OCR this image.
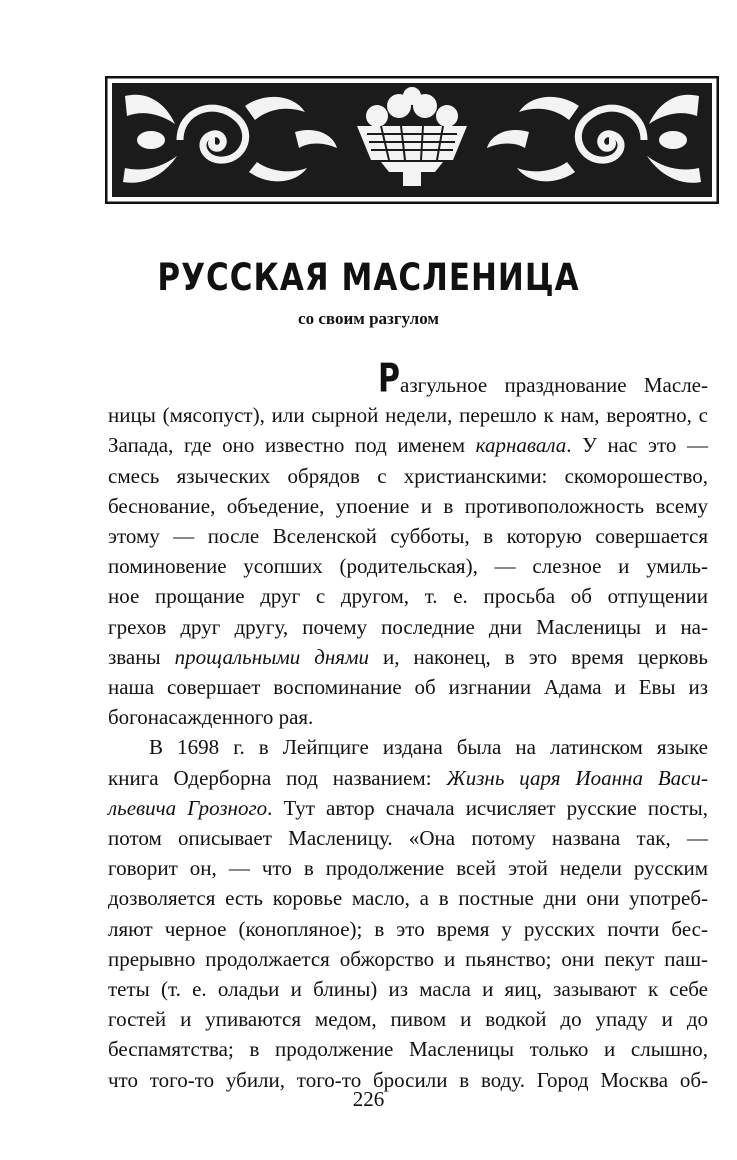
РУССКАЯ МАСЛЕНИЦА
со своим разгулом
Разгульное празднование Масле-
ницы (мясопуст), или сырной недели, перешло к нам, вероятно, с
Запада, где оно известно под именем карнавала. У нас это —
смесь языческих обрядов с христианскими: скоморошество,
беснование, объедение, упоение и в противоположность всему
этому — после Вселенской субботы, в которую совершается
поминовение усопших (родительская), — слезное и умиль-
ное прощание друг с другом, т. е. просьба об отпущении
грехов друг другу, почему последние дни Масленицы и на-
званы прощальными днями и, наконец, в это время церковь
наша совершает воспоминание об изгнании Адама и Евы из
богонасажденного рая.
В 1698 г. в Лейпциге издана была на латинском языке
книга Одерборна под названием: Жизнь царя Иоанна Васи-
льевича Грозного. Тут автор сначала исчисляет русские посты,
потом описывает Масленицу. «Она потому названа так, —
говорит он, — что в продолжение всей этой недели русским
дозволяется есть коровье масло, а в постные дни они употреб-
ляют черное (конопляное); в это время у русских почти бес-
прерывно продолжается обжорство и пьянство; они пекут паш-
теты (т. е. оладьи и блины) из масла и яиц, зазывают к себе
гостей и упиваются медом, пивом и водкой до упаду и до
беспамятства; в продолжение Масленицы только и слышно,
что того-то убили, того-то бросили в воду. Город Москва об-
226
